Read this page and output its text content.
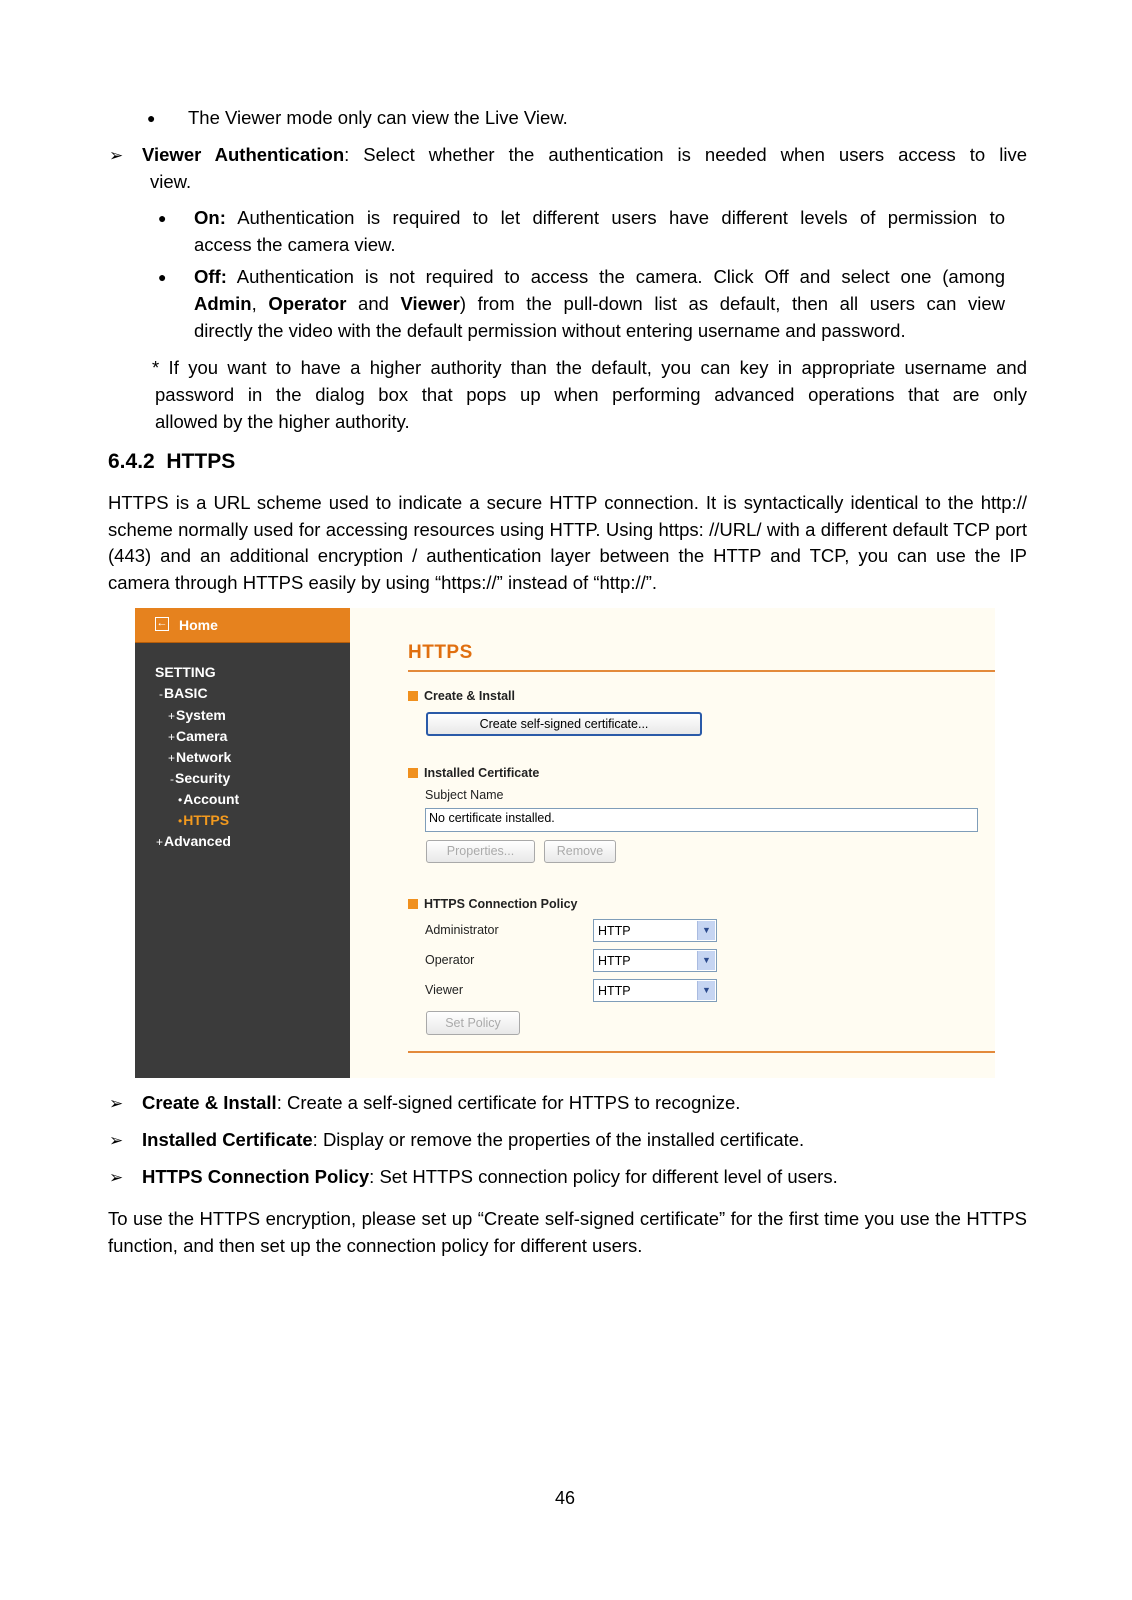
● The Viewer mode only can view the Live View.
➢ Viewer Authentication: Select whether the authentication is needed when users access to live
view.
● On: Authentication is required to let different users have different levels of permission to
access the camera view.
● Off: Authentication is not required to access the camera. Click Off and select one (among
Admin, Operator and Viewer) from the pull-down list as default, then all users can view
directly the video with the default permission without entering username and password.
* If you want to have a higher authority than the default, you can key in appropriate username and
password in the dialog box that pops up when performing advanced operations that are only
allowed by the higher authority.
6.4.2 HTTPS
HTTPS is a URL scheme used to indicate a secure HTTP connection. It is syntactically identical to the http:// scheme normally used for accessing resources using HTTP. Using https: //URL/ with a different default TCP port (443) and an additional encryption / authentication layer between the HTTP and TCP, you can use the IP camera through HTTPS easily by using “https://” instead of “http://”.
← Home
SETTING
-BASIC
+System
+Camera
+Network
-Security
•Account
•HTTPS
+Advanced
HTTPS
Create & Install
Create self-signed certificate...
Installed Certificate
Subject Name
No certificate installed.
Properties...	Remove
HTTPS Connection Policy
Administrator	HTTP	▼
Operator	HTTP	▼
Viewer	HTTP	▼
Set Policy
➢ Create & Install: Create a self-signed certificate for HTTPS to recognize.
➢ Installed Certificate: Display or remove the properties of the installed certificate.
➢ HTTPS Connection Policy: Set HTTPS connection policy for different level of users.
To use the HTTPS encryption, please set up “Create self-signed certificate” for the first time you use the HTTPS function, and then set up the connection policy for different users.
46
